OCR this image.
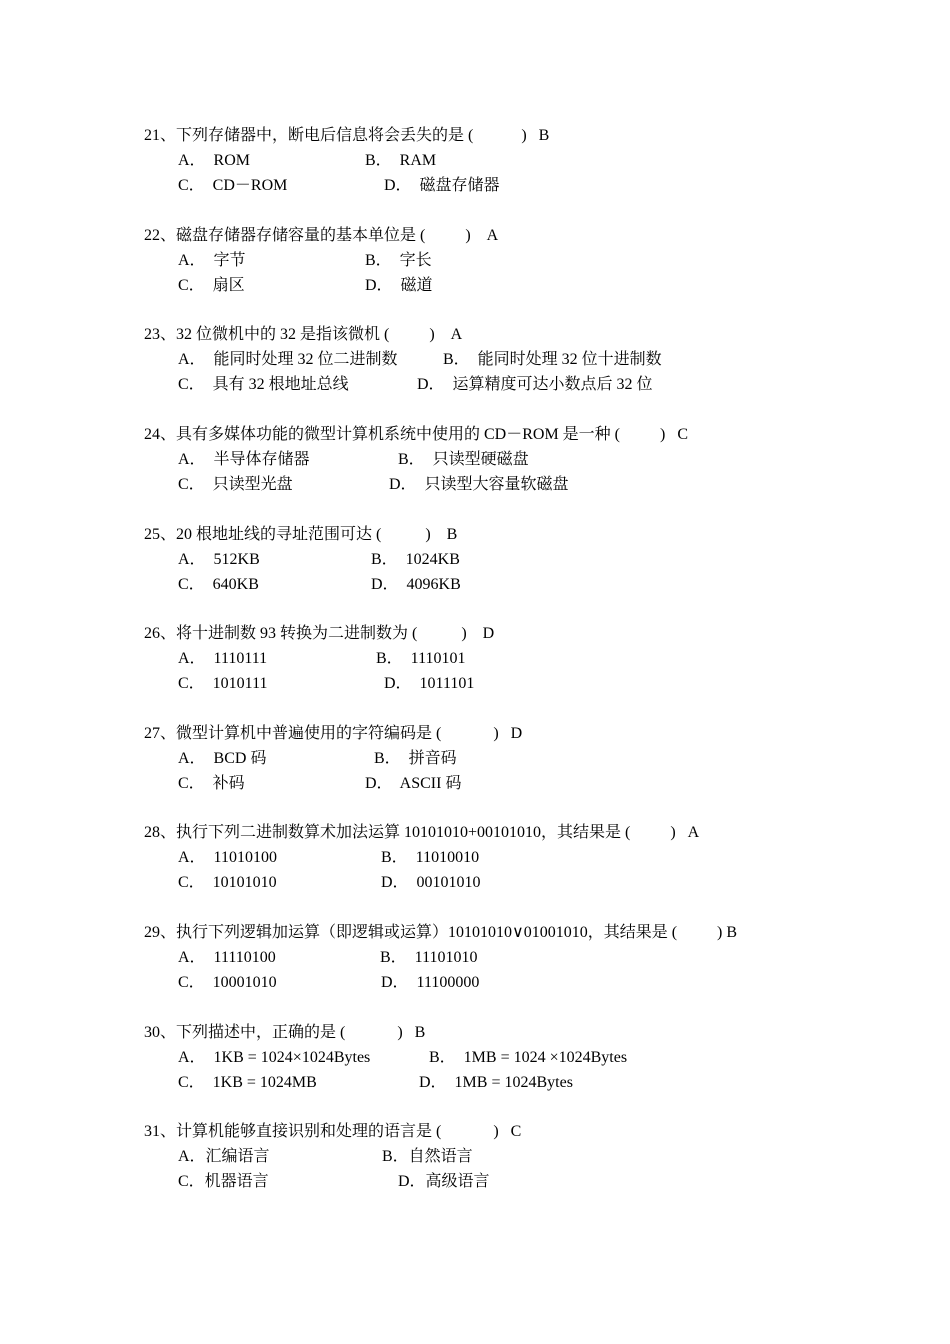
21、下列存储器中，断电后信息将会丢失的是 (            )   B

A．  ROM

	B．  RAM

C．  CD－ROM

	D．  磁盘存储器

22、磁盘存储器存储容量的基本单位是 (          )    A

A．  字节

	B．  字长

C．  扇区

	D．  磁道

23、32 位微机中的 32 是指该微机 (          )    A

A．  能同时处理 32 位二进制数

	B．  能同时处理 32 位十进制数

C．  具有 32 根地址总线

	D．  运算精度可达小数点后 32 位

24、具有多媒体功能的微型计算机系统中使用的 CD－ROM 是一种 (          )   C

A．  半导体存储器

	B．  只读型硬磁盘

C．  只读型光盘

	D．  只读型大容量软磁盘

25、20 根地址线的寻址范围可达 (           )    B

A．  512KB

	B．  1024KB

C．  640KB

	D．  4096KB

26、将十进制数 93 转换为二进制数为 (           )    D

A．  1110111

	B．  1110101

C．  1010111

	D．  1011101

27、微型计算机中普遍使用的字符编码是 (             )   D

A．  BCD 码

	B．  拼音码

C．  补码

	D．  ASCII 码

28、执行下列二进制数算术加法运算 10101010+00101010，其结果是 (          )   A

A．  11010100

	B．  11010010

C．  10101010

	D．  00101010

29、执行下列逻辑加运算（即逻辑或运算）10101010∨01001010，其结果是 (          ) B

A．  11110100

	B．  11101010

C．  10001010

	D．  11100000

30、下列描述中，正确的是 (             )   B

A．  1KB = 1024×1024Bytes

	B．  1MB = 1024 ×1024Bytes

C．  1KB = 1024MB

	D．  1MB = 1024Bytes

31、计算机能够直接识别和处理的语言是 (             )   C

A．汇编语言

	B．自然语言

C．机器语言

	D．高级语言
